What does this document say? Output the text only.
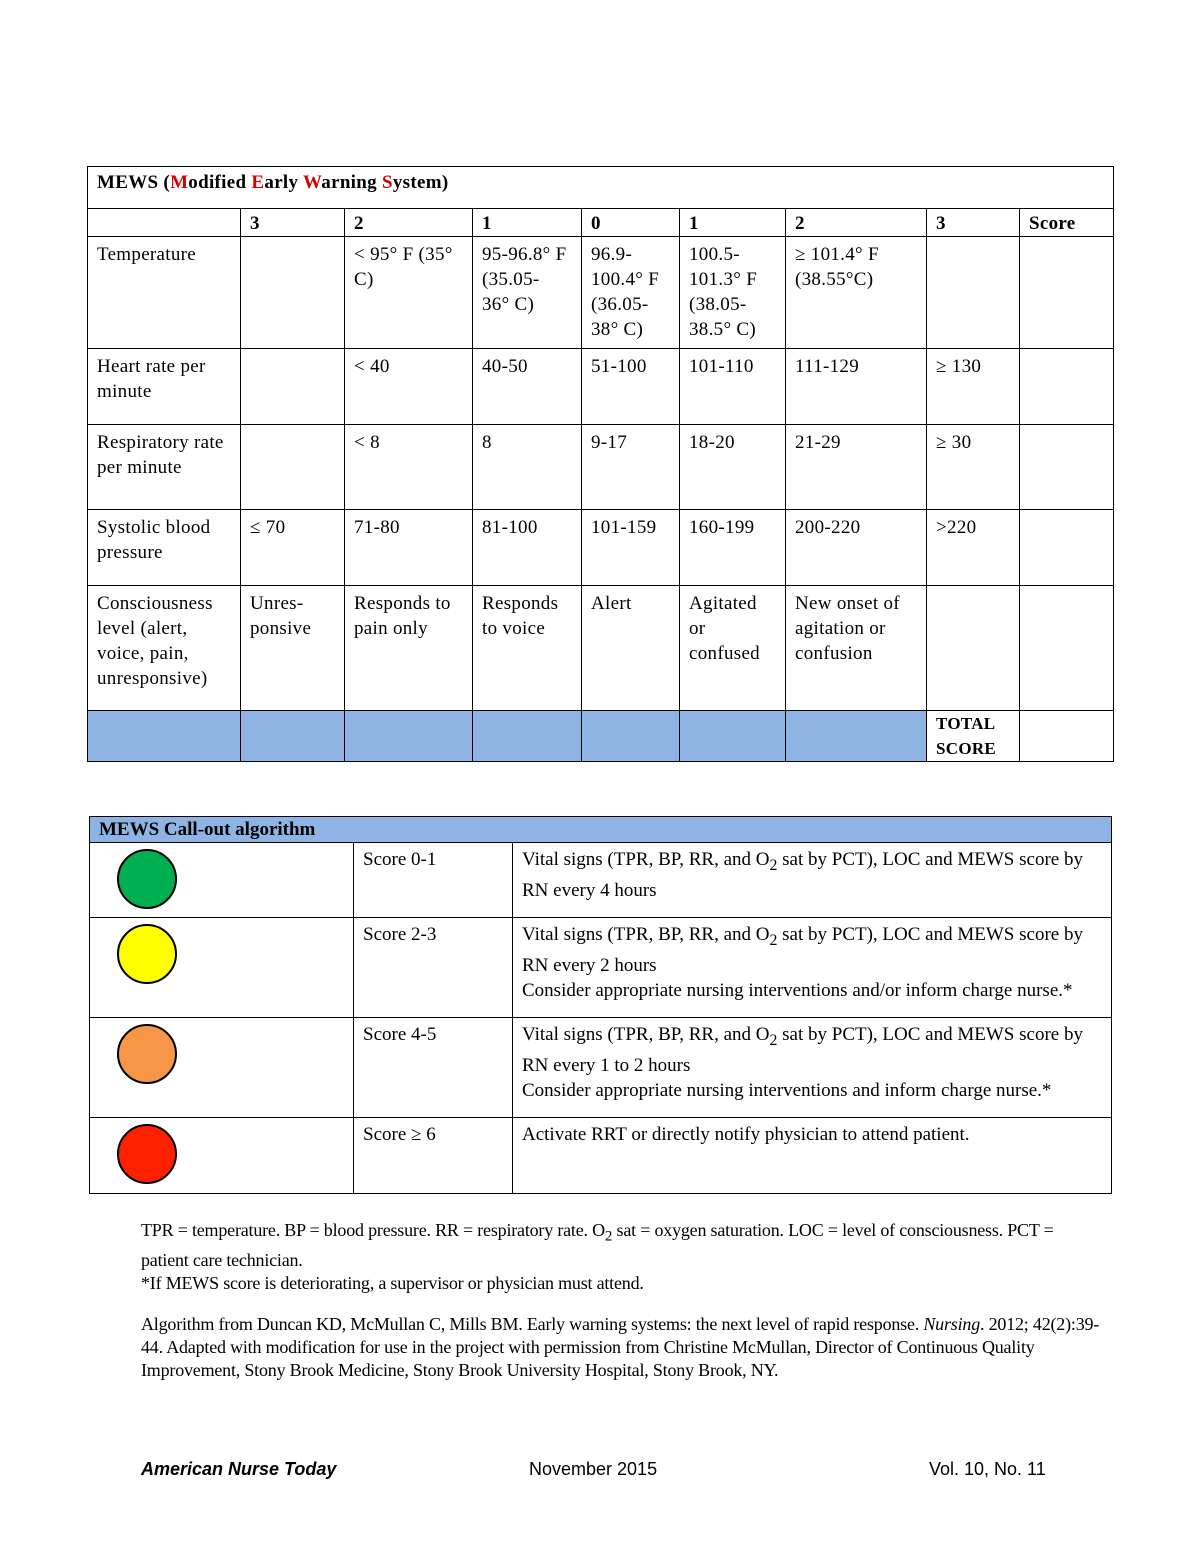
MEWS (Modified Early Warning System)								
	3	2	1	0	1	2	3	Score
Temperature		< 95° F (35° C)	95-96.8° F (35.05- 36° C)	96.9- 100.4° F (36.05- 38° C)	100.5- 101.3° F (38.05- 38.5° C)	≥ 101.4° F (38.55°C)		
Heart rate per minute		< 40	40-50	51-100	101-110	111-129	≥ 130	
Respiratory rate per minute		< 8	8	9-17	18-20	21-29	≥ 30	
Systolic blood pressure	≤ 70	71-80	81-100	101-159	160-199	200-220	>220	
Consciousness level (alert, voice, pain, unresponsive)	Unres- ponsive	Responds to pain only	Responds to voice	Alert	Agitated or confused	New onset of agitation or confusion		
							TOTAL SCORE	
MEWS Call-out algorithm		

	Score 0-1	Vital signs (TPR, BP, RR, and $O_2$ sat by PCT), LOC and MEWS score by RN every 4 hours

	Score 2-3	Vital signs (TPR, BP, RR, and $O_2$ sat by PCT), LOC and MEWS score by RN every 2 hours
Consider appropriate nursing interventions and/or inform charge nurse.*

	Score 4-5	Vital signs (TPR, BP, RR, and $O_2$ sat by PCT), LOC and MEWS score by RN every 1 to 2 hours
Consider appropriate nursing interventions and inform charge nurse.*

	Score ≥ 6	Activate RRT or directly notify physician to attend patient.

TPR = temperature. BP = blood pressure. RR = respiratory rate. $O_2$ sat = oxygen saturation. LOC = level of consciousness. PCT = patient care technician.

*If MEWS score is deteriorating, a supervisor or physician must attend.

Algorithm from Duncan KD, McMullan C, Mills BM. Early warning systems: the next level of rapid response. Nursing. 2012; 42(2):39-44. Adapted with modification for use in the project with permission from Christine McMullan, Director of Continuous Quality Improvement, Stony Brook Medicine, Stony Brook University Hospital, Stony Brook, NY.

American Nurse Today	November 2015	Vol. 10, No. 11
